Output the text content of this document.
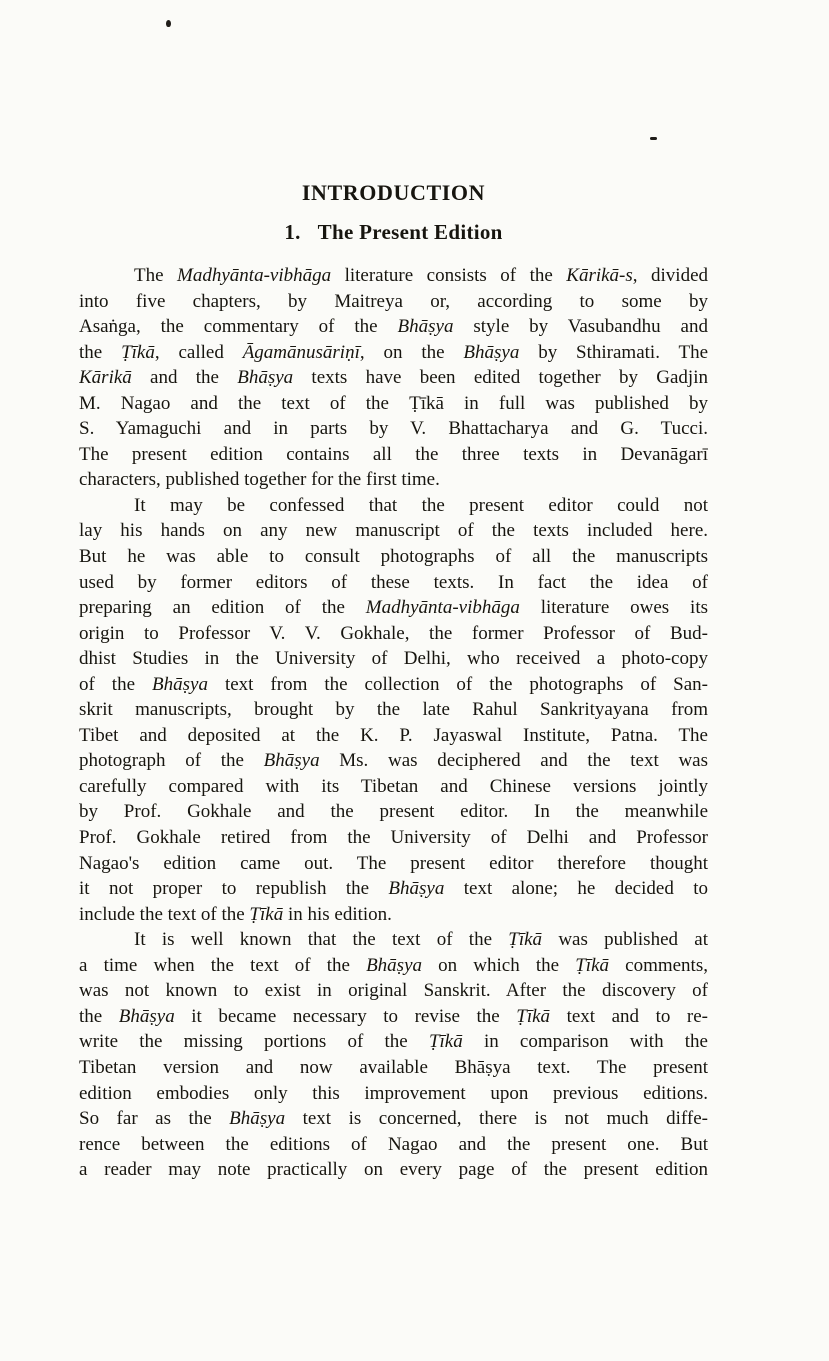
INTRODUCTION
1. The Present Edition
The Madhyānta-vibhāga literature consists of the Kārikā-s, divided
into five chapters, by Maitreya or, according to some by
Asaṅga, the commentary of the Bhāṣya style by Vasubandhu and
the Ṭīkā, called Āgamānusāriṇī, on the Bhāṣya by Sthiramati. The
Kārikā and the Bhāṣya texts have been edited together by Gadjin
M. Nagao and the text of the Ṭīkā in full was published by
S. Yamaguchi and in parts by V. Bhattacharya and G. Tucci.
The present edition contains all the three texts in Devanāgarī
characters, published together for the first time.
It may be confessed that the present editor could not
lay his hands on any new manuscript of the texts included here.
But he was able to consult photographs of all the manuscripts
used by former editors of these texts. In fact the idea of
preparing an edition of the Madhyānta-vibhāga literature owes its
origin to Professor V. V. Gokhale, the former Professor of Bud-
dhist Studies in the University of Delhi, who received a photo-copy
of the Bhāṣya text from the collection of the photographs of San-
skrit manuscripts, brought by the late Rahul Sankrityayana from
Tibet and deposited at the K. P. Jayaswal Institute, Patna. The
photograph of the Bhāṣya Ms. was deciphered and the text was
carefully compared with its Tibetan and Chinese versions jointly
by Prof. Gokhale and the present editor. In the meanwhile
Prof. Gokhale retired from the University of Delhi and Professor
Nagao's edition came out. The present editor therefore thought
it not proper to republish the Bhāṣya text alone; he decided to
include the text of the Ṭīkā in his edition.
It is well known that the text of the Ṭīkā was published at
a time when the text of the Bhāṣya on which the Ṭīkā comments,
was not known to exist in original Sanskrit. After the discovery of
the Bhāṣya it became necessary to revise the Ṭīkā text and to re-
write the missing portions of the Ṭīkā in comparison with the
Tibetan version and now available Bhāṣya text. The present
edition embodies only this improvement upon previous editions.
So far as the Bhāṣya text is concerned, there is not much diffe-
rence between the editions of Nagao and the present one. But
a reader may note practically on every page of the present edition
